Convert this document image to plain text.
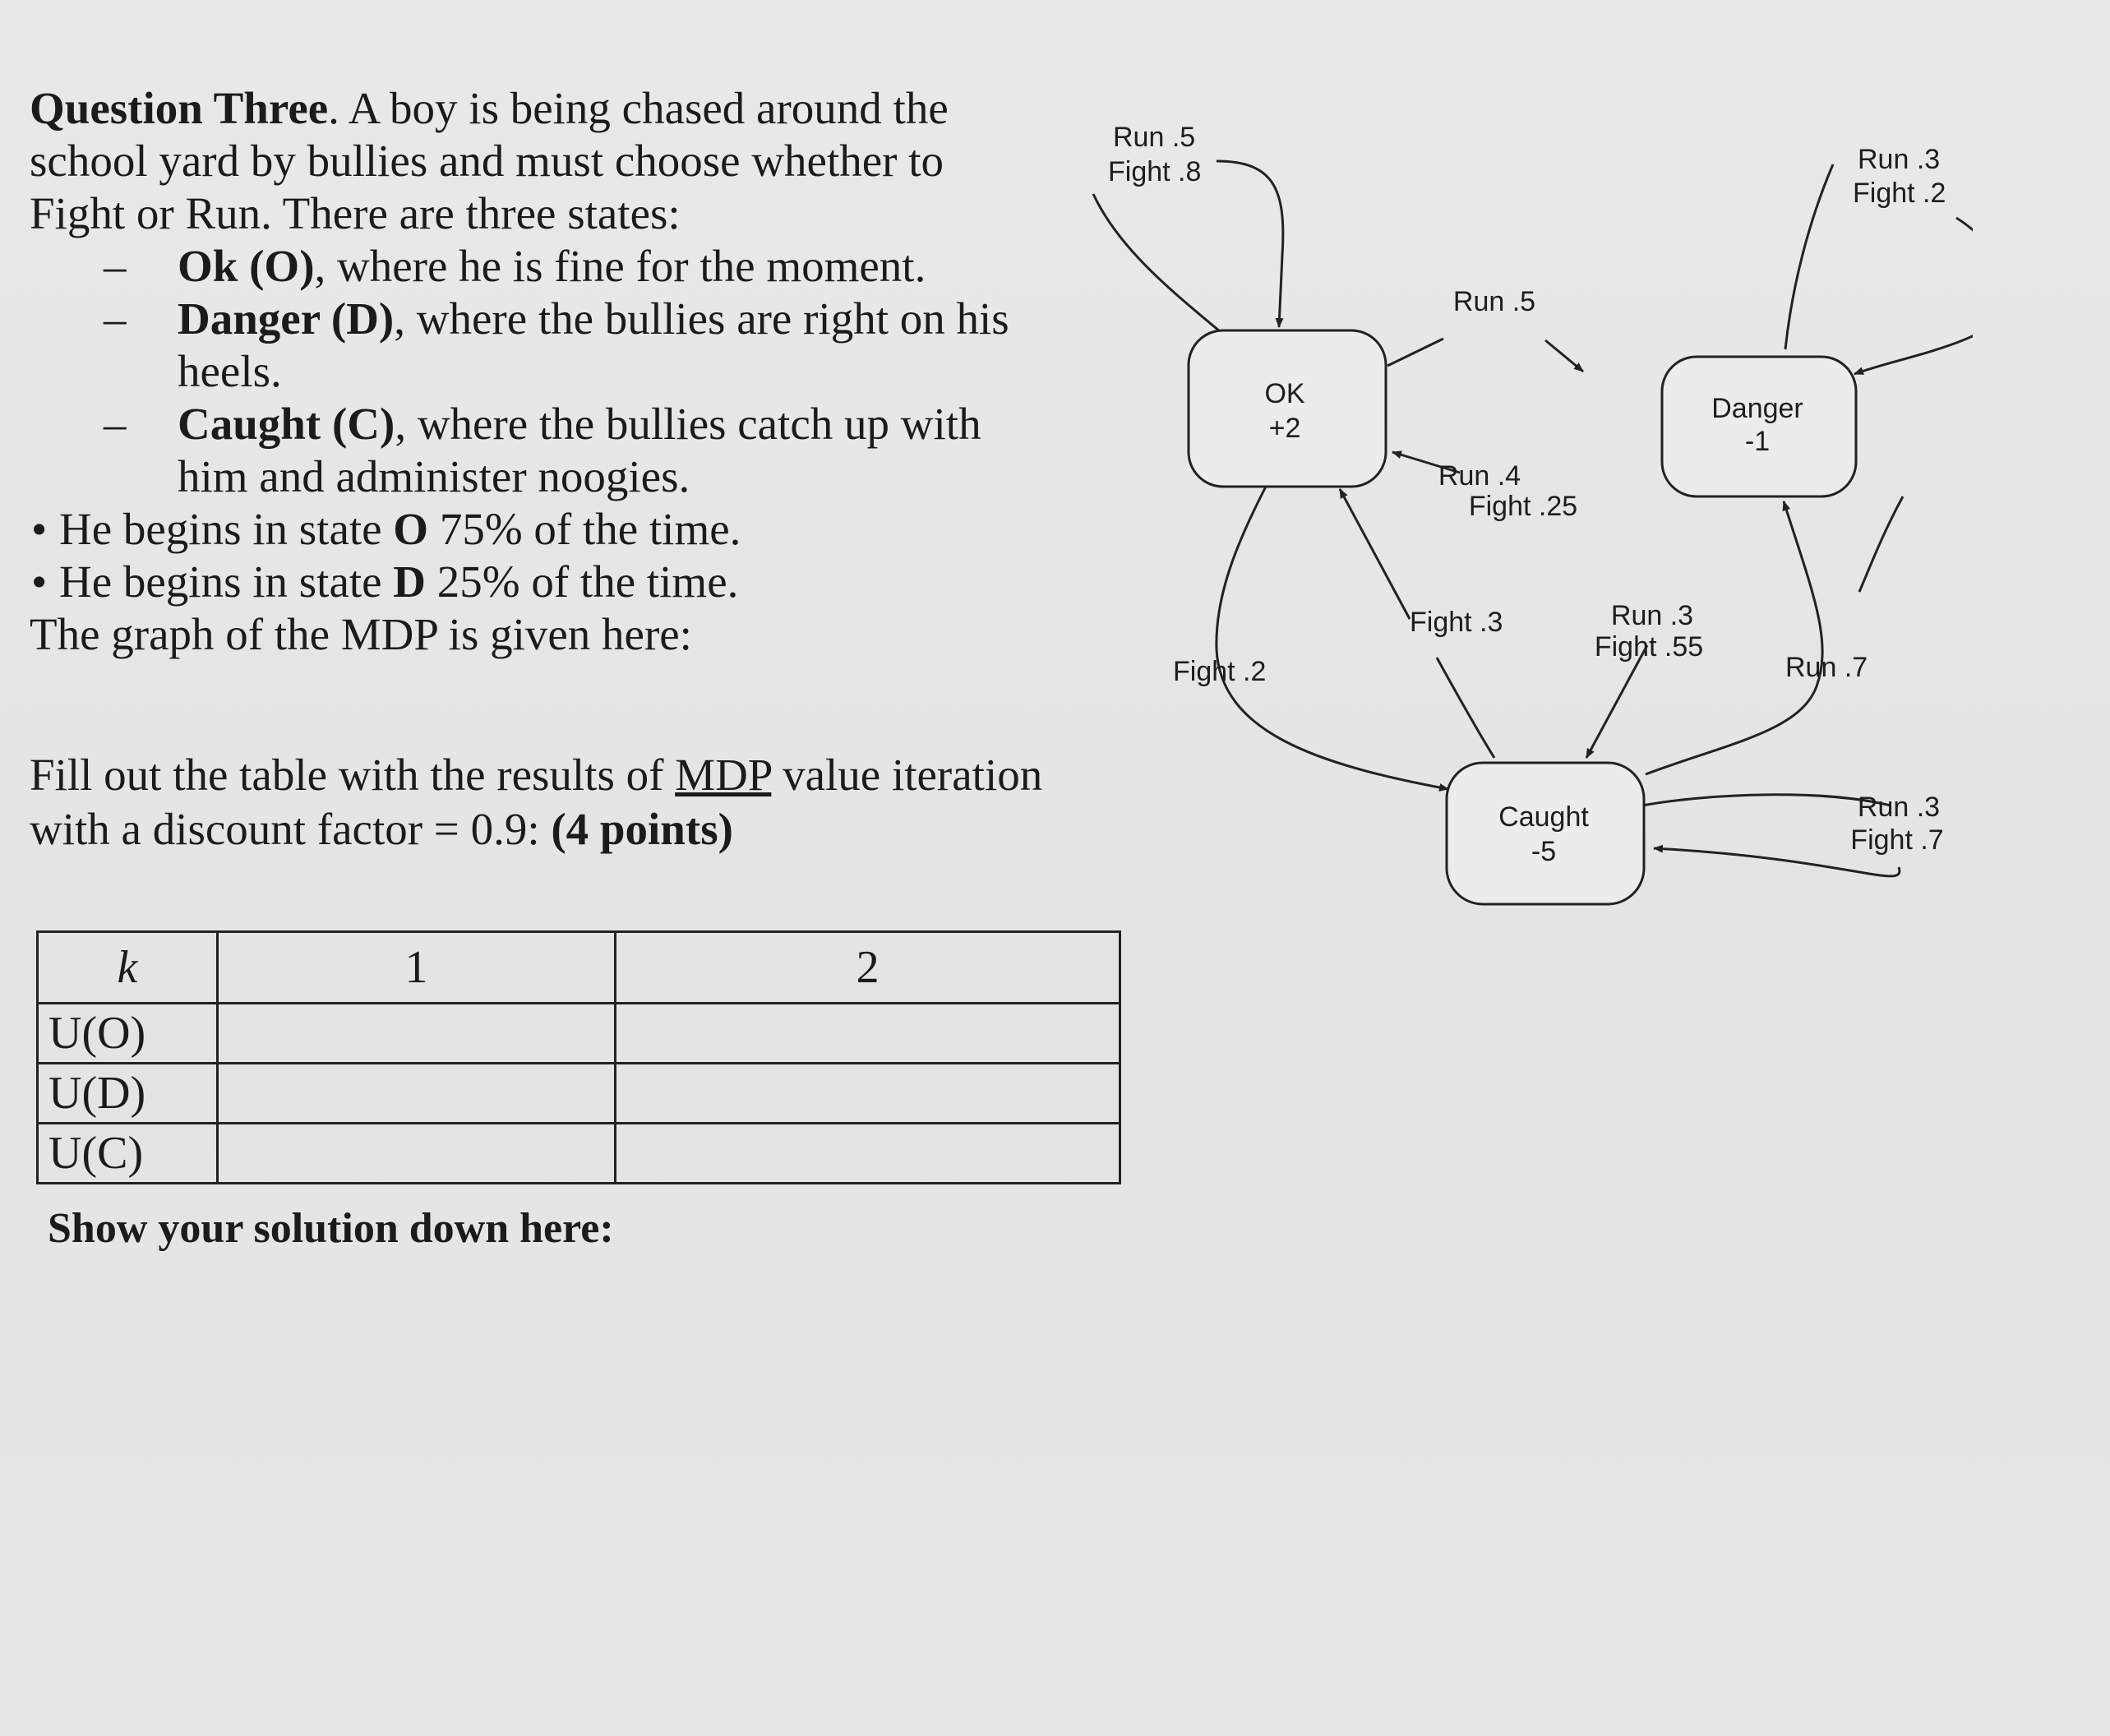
Question Three. A boy is being chased around the school yard by bullies and must choose whether to Fight or Run. There are three states:

– Ok (O), where he is fine for the moment.
– Danger (D), where the bullies are right on his heels.
– Caught (C), where the bullies catch up with him and administer noogies.
• He begins in state O 75% of the time.
• He begins in state D 25% of the time.

The graph of the MDP is given here:

Fill out the table with the results of MDP value iteration with a discount factor = 0.9: (4 points)

k	1	2
U(O)		
U(D)		
U(C)		

Show your solution down here:

OK
+2
Danger
-1
Caught
-5
Run .5
Fight .8	Run .3
Fight .2
Run .5
Run .4
Fight .25
Fight .2
Fight .3	Run .3
Fight .55
Run .7
Run .3
Fight .7
